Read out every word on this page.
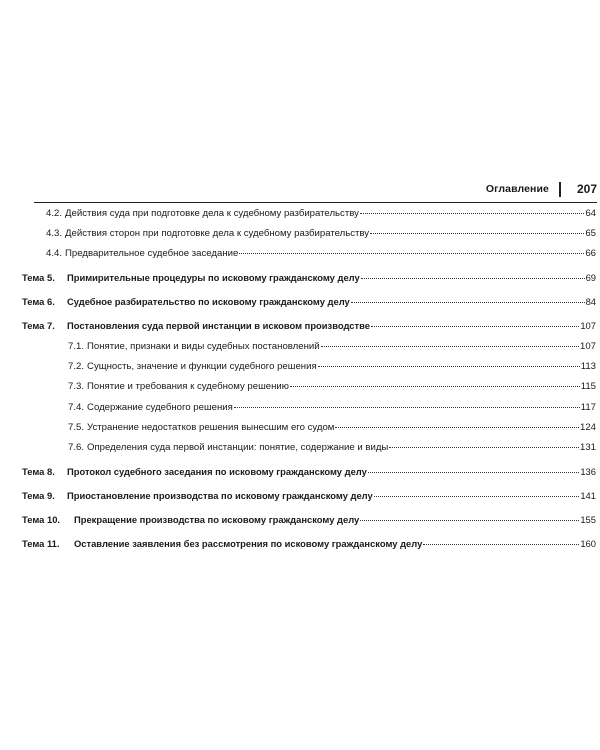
Оглавление 207
4.2. Действия суда при подготовке дела к судебному разбирательству	64
4.3. Действия сторон при подготовке дела к судебному разбирательству	65
4.4. Предварительное судебное заседание	66
Тема 5.	Примирительные процедуры по исковому гражданскому делу	69
Тема 6.	Судебное разбирательство по исковому гражданскому делу	84
Тема 7.	Постановления суда первой инстанции в исковом производстве	107
7.1. Понятие, признаки и виды судебных постановлений	107
7.2. Сущность, значение и функции судебного решения	113
7.3. Понятие и требования к судебному решению	115
7.4. Содержание судебного решения	117
7.5. Устранение недостатков решения вынесшим его судом	124
7.6. Определения суда первой инстанции: понятие, содержание и виды	131
Тема 8.	Протокол судебного заседания по исковому гражданскому делу	136
Тема 9.	Приостановление производства по исковому гражданскому делу	141
Тема 10.	Прекращение производства по исковому гражданскому делу	155
Тема 11.	Оставление заявления без рассмотрения по исковому гражданскому делу	160
